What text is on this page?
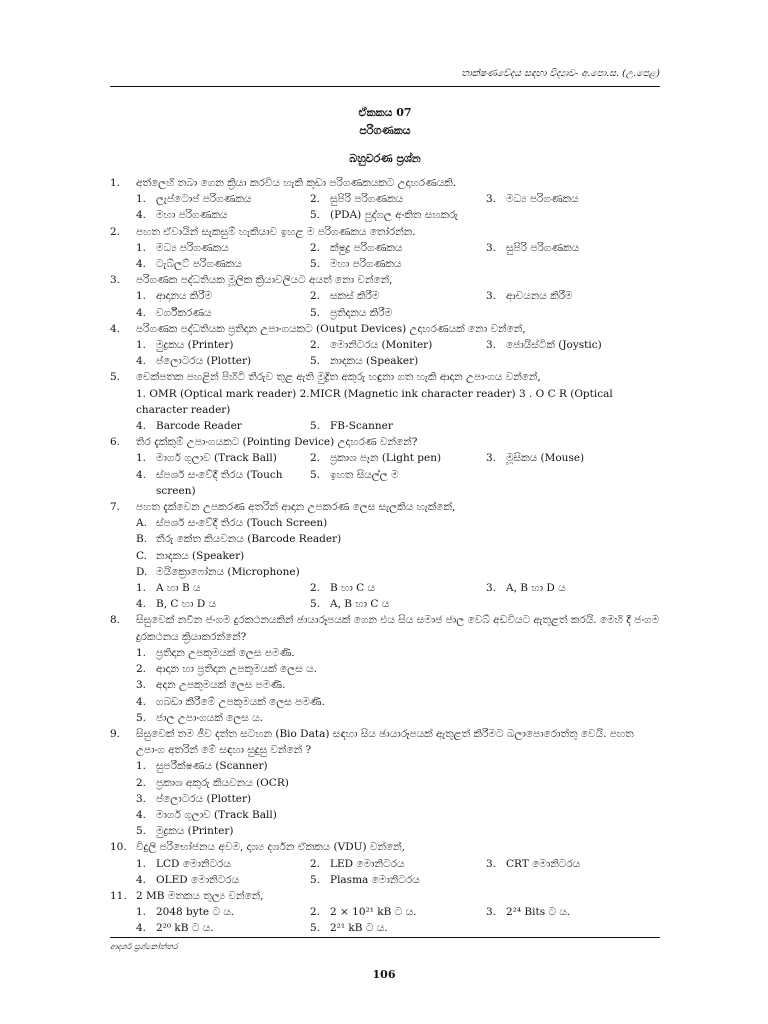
තාක්ෂණවේදය සඳහා විද්‍යාව- අ.පො.ස. (උ.පෙළ)
ඒකකය 07
පරිගණකය
බහුවරණ ප්‍රශ්න
1.	අත්ලෙහි තබා ගෙන ක්‍රියා කරවිය හැකි කුඩා පරිගණකයකට උදාහරණයකි.
1. ලැප්ටොප් පරිගණකය	2. සුපිරි පරිගණකය	3. මධ්‍ය පරිගණකය
4. මහා පරිගණකය	5. (PDA) පුද්ගල අංකිත සහකරු
2.	පහත ඒවායින් සැකසුම් හැකියාව ඉහළ ම පරිගණකය තෝරන්න.
1. මධ්‍ය පරිගණකය	2. ක්ෂුද්‍ර පරිගණකය	3. සුපිරි පරිගණකය
4. ටැබ්ලට් පරිගණකය	5. මහා පරිගණකය
3.	පරිගණක පද්ධතියක මූලික ක්‍රියාවලියට අයත් නො වන්නේ,
1. ආදානය කිරීම	2. සකස් කිරීම	3. ආචයනය කිරීම
4. වර්ගීකරණය	5. ප්‍රතිදානය කිරීම
4.	පරිගණක පද්ධතියක ප්‍රතිදාන උපාංගයකට (Output Devices) උදාහරණයක් නො වන්නේ,
1. මුද්‍රකය (Printer)	2. මොනිටරය (Moniter)	3. ජොයිස්ටික් (Joystic)
4. ප්ලොටරය (Plotter)	5. නාදකය (Speaker)
5.	චෙක්පතක පහළින් පිහිටි තීරුව තුළ ඇති මුද්‍රිත අකුරු හඳුනා ගත හැකි ආදාන උපාංගය වන්නේ,
1. OMR (Optical mark reader) 2.MICR (Magnetic ink character reader) 3 . O C R (Optical character reader)
4. Barcode Reader	5. FB-Scanner
6.	තිර දැක්කුම් උපාංගයකට (Pointing Device) උදාහරණ වන්නේ?
1. මාර්ග ගුලාව (Track Ball)	2. ප්‍රකාශ පෑන (Light pen)	3. මූසිකය (Mouse)
4. ස්පර්ශ සංවේදී තිරය (Touch screen)
5. ඉහත සියල්ල ම
7.	පහත දැක්වෙන උපකරණ අතරින් ආදාන උපකරණ ලෙස සැලකිය හැක්කේ,
A. ස්පර්ශ සංවේදී තිරය (Touch Screen)
B. තීරු කේත කියවනය (Barcode Reader)
C. නාදකය (Speaker)
D. මයික්‍රොෆෝනය (Microphone)
1. A හා B ය	2. B හා C ය	3. A, B හා D ය
4. B, C හා D ය	5. A, B හා C ය
8.	සිසුවෙක් නවීන ජංගම දුරකථනයකින් ඡායාරූපයක් ගෙන එය සිය සමාජ ජාල වෙබ් අඩවියට ඇතුළත් කරයි. මෙහි දී ජංගම දුරකථනය ක්‍රියාකරන්නේ?
1. ප්‍රතිදාන උපකුමයක් ලෙස පමණි.
2. ආදාන හා ප්‍රතිදාන උපකුමයක් ලෙස ය.
3. අදාන උපකුමයක් ලෙස පමණි.
4. ගබඩා කිරීමේ උපකුමයක් ලෙස පමණි.
5. ජාල උපාංගයක් ලෙස ය.
9.	සිසුවෙක් තම ජීව දත්ත සටහන (Bio Data) සඳහා සිය ඡායාරූපයක් ඇතුළත් කිරීමට බලාපොරොත්තු වෙයි. පහත උපාංග අතරින් මේ සඳහා සුදුසු වන්නේ ?
1. සුපරීක්ෂණය (Scanner)
2. ප්‍රකාශ අකුරු කියවනය (OCR)
3. ප්ලොටරය (Plotter)
4. මාර්ග ගුලාව (Track Ball)
5. මුද්‍රකය (Printer)
10. විදුලි පරිභෝජනය අවම, දෘශ්‍ය දර්ශන ඒකකය (VDU) වන්නේ,
1. LCD මොනිටරය	2. LED මොනිටරය	3. CRT මොනිටරය
4. OLED මොනිටරය	5. Plasma මොනිටරය
11. 2 MB මතකය තුල්‍ය වන්නේ,
1. 2048 byte ට ය.	2. 2 × 10²¹ kB ට ය.	3. 2²⁴ Bits ට ය.
4. 2²⁰ kB ට ය.	5. 2²¹ kB ට ය.
ආදර්ශ ප්‍රශ්නෝත්තර
106
